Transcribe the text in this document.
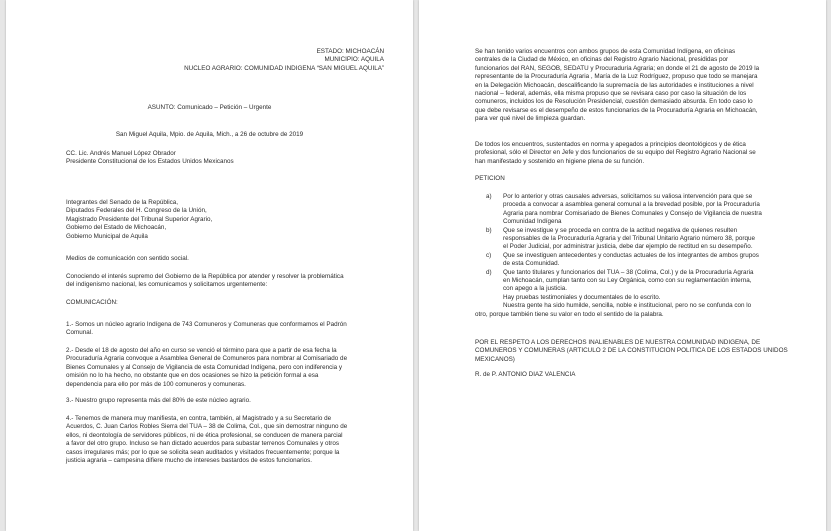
ESTADO: MICHOACÁN
MUNICIPIO: AQUILA
NUCLEO AGRARIO: COMUNIDAD INDIGENA “SAN MIGUEL AQUILA”
ASUNTO: Comunicado – Petición – Urgente
San Miguel Aquila, Mpio. de Aquila, Mich., a 26 de octubre de 2019
CC. Lic. Andrés Manuel López Obrador
Presidente Constitucional de los Estados Unidos Mexicanos
Integrantes del Senado de la República,
Diputados Federales del H. Congreso de la Unión,
Magistrado Presidente del Tribunal Superior Agrario,
Gobierno del Estado de Michoacán,
Gobierno Municipal de Aquila
Medios de comunicación con sentido social.
Conociendo el interés supremo del Gobierno de la República por atender y resolver la problemática
del indigenismo nacional, les comunicamos y solicitamos urgentemente:
COMUNICACIÓN:
1.- Somos un núcleo agrario Indígena de 743 Comuneros y Comuneras que conformamos el Padrón
Comunal.
2.- Desde el 18 de agosto del año en curso se venció el término para que a partir de esa fecha la
Procuraduría Agraria convoque a Asamblea General de Comuneros para nombrar al Comisariado de
Bienes Comunales y al Consejo de Vigilancia de esta Comunidad Indígena, pero con indiferencia y
omisión no lo ha hecho, no obstante que en dos ocasiones se hizo la petición formal a esa
dependencia para ello por más de 100 comuneros y comuneras.
3.- Nuestro grupo representa más del 80% de este núcleo agrario.
4.- Tenemos de manera muy manifiesta, en contra, también, al Magistrado y a su Secretario de
Acuerdos, C. Juan Carlos Robles Sierra del TUA – 38 de Colima, Col., que sin demostrar ninguno de
ellos, ni deontología de servidores públicos, ni de ética profesional, se conducen de manera parcial
a favor del otro grupo. Incluso se han dictado acuerdos para subastar terrenos Comunales y otros
casos irregulares más; por lo que se solicita sean auditados y visitados frecuentemente; porque la
justicia agraria – campesina difiere mucho de intereses bastardos de estos funcionarios.
Se han tenido varios encuentros con ambos grupos de esta Comunidad Indígena, en oficinas
centrales de la Ciudad de México, en oficinas del Registro Agrario Nacional, presididas por
funcionarios del RAN, SEGOB, SEDATU y Procuraduría Agraria; en donde el 21 de agosto de 2019 la
representante de la Procuraduría Agraria , María de la Luz Rodríguez, propuso que todo se manejara
en la Delegación Michoacán, descalificando la supremacía de las autoridades e instituciones a nivel
nacional – federal, además, ella misma propuso que se revisara caso por caso la situación de los
comuneros, incluidos los de Resolución Presidencial, cuestión demasiado absurda. En todo caso lo
que debe revisarse es el desempeño de estos funcionarios de la Procuraduría Agraria en Michoacán,
para ver qué nivel de limpieza guardan.
De todos los encuentros, sustentados en norma y apegados a principios deontológicos y de ética
profesional, sólo el Director en Jefe y dos funcionarios de su equipo del Registro Agrario Nacional se
han manifestado y sostenido en higiene plena de su función.
PETICION
a) Por lo anterior y otras causales adversas, solicitamos su valiosa intervención para que se
proceda a convocar a asamblea general comunal a la brevedad posible, por la Procuraduría
Agraria para nombrar Comisariado de Bienes Comunales y Consejo de Vigilancia de nuestra
Comunidad Indígena
b) Que se investigue y se proceda en contra de la actitud negativa de quienes resulten
responsables de la Procuraduría Agraria y del Tribunal Unitario Agrario número 38, porque
el Poder Judicial, por administrar justicia, debe dar ejemplo de rectitud en su desempeño.
c) Que se investiguen antecedentes y conductas actuales de los integrantes de ambos grupos
de esta Comunidad.
d) Que tanto titulares y funcionarios del TUA – 38 (Colima, Col.) y de la Procuraduría Agraria
en Michoacán, cumplan tanto con su Ley Orgánica, como con su reglamentación interna,
con apego a la justicia.
Hay pruebas testimoniales y documentales de lo escrito.
Nuestra gente ha sido humilde, sencilla, noble e institucional, pero no se confunda con lo
otro, porque también tiene su valor en todo el sentido de la palabra.
POR EL RESPETO A LOS DERECHOS INALIENABLES DE NUESTRA COMUNIDAD INDIGENA, DE
COMUNEROS Y COMUNERAS (ARTICULO 2 DE LA CONSTITUCION POLITICA DE LOS ESTADOS UNIDOS
MEXICANOS)
R. de P. ANTONIO DIAZ VALENCIA
